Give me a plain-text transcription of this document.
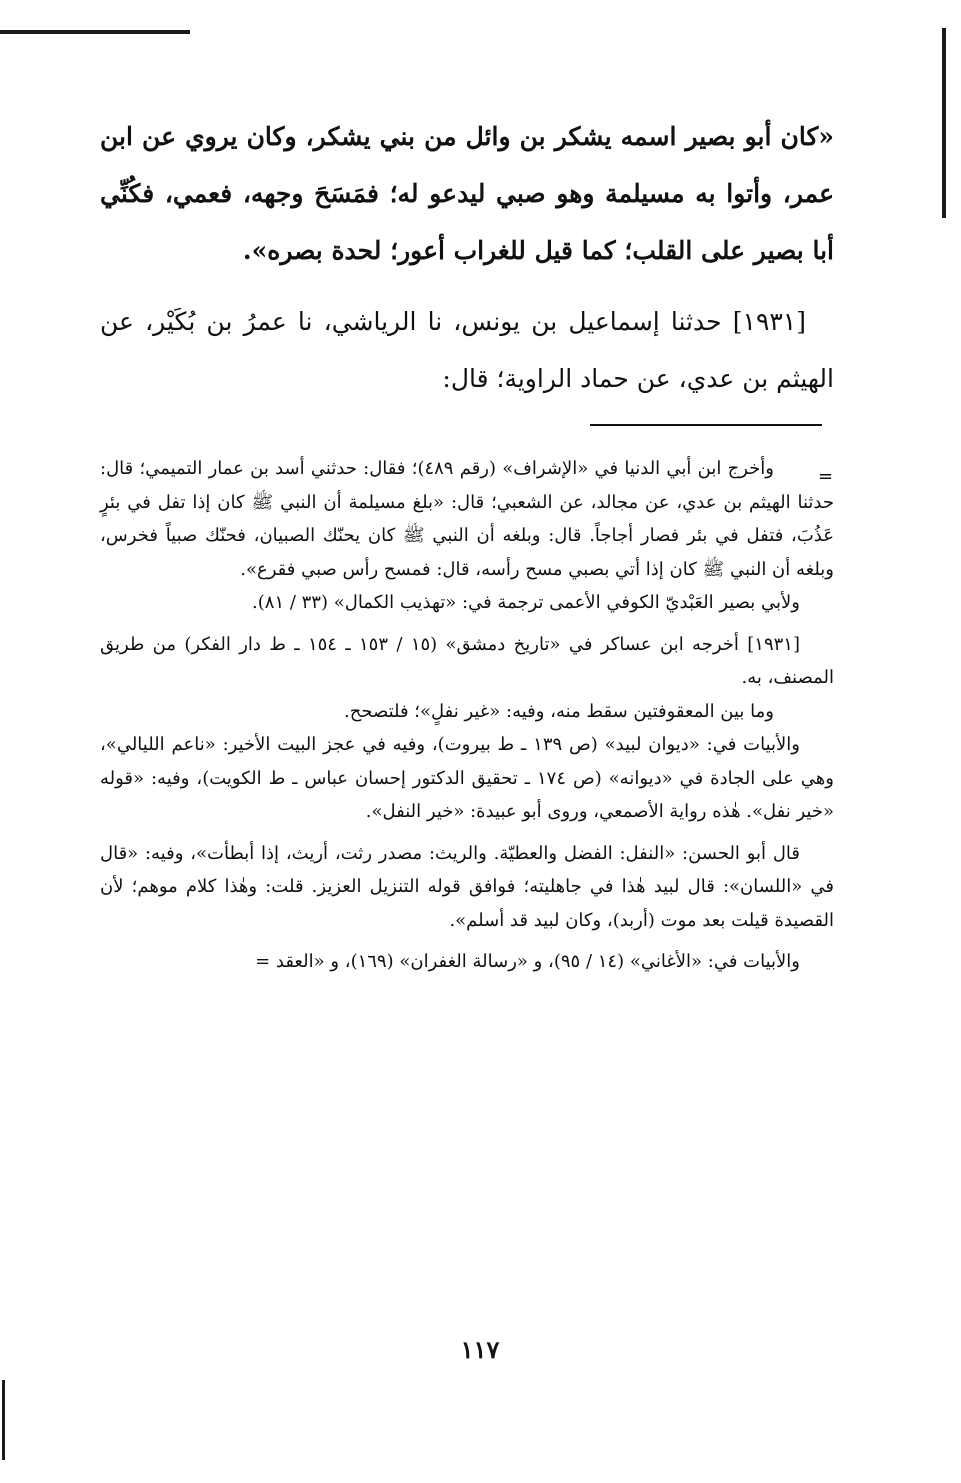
«كان أبو بصير اسمه يشكر بن وائل من بني يشكر، وكان يروي عن ابن عمر، وأتوا به مسيلمة وهو صبي ليدعو له؛ فمَسَحَ وجهه، فعمي، فكُنِّي أبا بصير على القلب؛ كما قيل للغراب أعور؛ لحدة بصره».

[١٩٣١] حدثنا إسماعيل بن يونس، نا الرياشي، نا عمرُ بن بُكَيْر، عن الهيثم بن عدي، عن حماد الراوية؛ قال:

=

وأخرج ابن أبي الدنيا في «الإشراف» (رقم ٤٨٩)؛ فقال: حدثني أسد بن عمار التميمي؛ قال: حدثنا الهيثم بن عدي، عن مجالد، عن الشعبي؛ قال: «بلغ مسيلمة أن النبي ﷺ كان إذا تفل في بئرٍ عَذُبَ، فتفل في بئر فصار أجاجاً. قال: وبلغه أن النبي ﷺ كان يحنّك الصبيان، فحنّك صبياً فخرس، وبلغه أن النبي ﷺ كان إذا أتي بصبي مسح رأسه، قال: فمسح رأس صبي فقرع».

ولأبي بصير العَبْديّ الكوفي الأعمى ترجمة في: «تهذيب الكمال» (٣٣ / ٨١).

[١٩٣١] أخرجه ابن عساكر في «تاريخ دمشق» (١٥ / ١٥٣ ـ ١٥٤ ـ ط دار الفكر) من طريق المصنف، به.

وما بين المعقوفتين سقط منه، وفيه: «غير نفلٍ»؛ فلتصحح.

والأبيات في: «ديوان لبيد» (ص ١٣٩ ـ ط بيروت)، وفيه في عجز البيت الأخير: «ناعم الليالي»، وهي على الجادة في «ديوانه» (ص ١٧٤ ـ تحقيق الدكتور إحسان عباس ـ ط الكويت)، وفيه: «قوله «خير نفل». هٰذه رواية الأصمعي، وروى أبو عبيدة: «خير النفل».

قال أبو الحسن: «النفل: الفضل والعطيّة. والريث: مصدر رثت، أريث، إذا أبطأت»، وفيه: «قال في «اللسان»: قال لبيد هٰذا في جاهليته؛ فوافق قوله التنزيل العزيز. قلت: وهٰذا كلام موهم؛ لأن القصيدة قيلت بعد موت (أربد)، وكان لبيد قد أسلم».

والأبيات في: «الأغاني» (١٤ / ٩٥)، و «رسالة الغفران» (١٦٩)، و «العقد =

١١٧
